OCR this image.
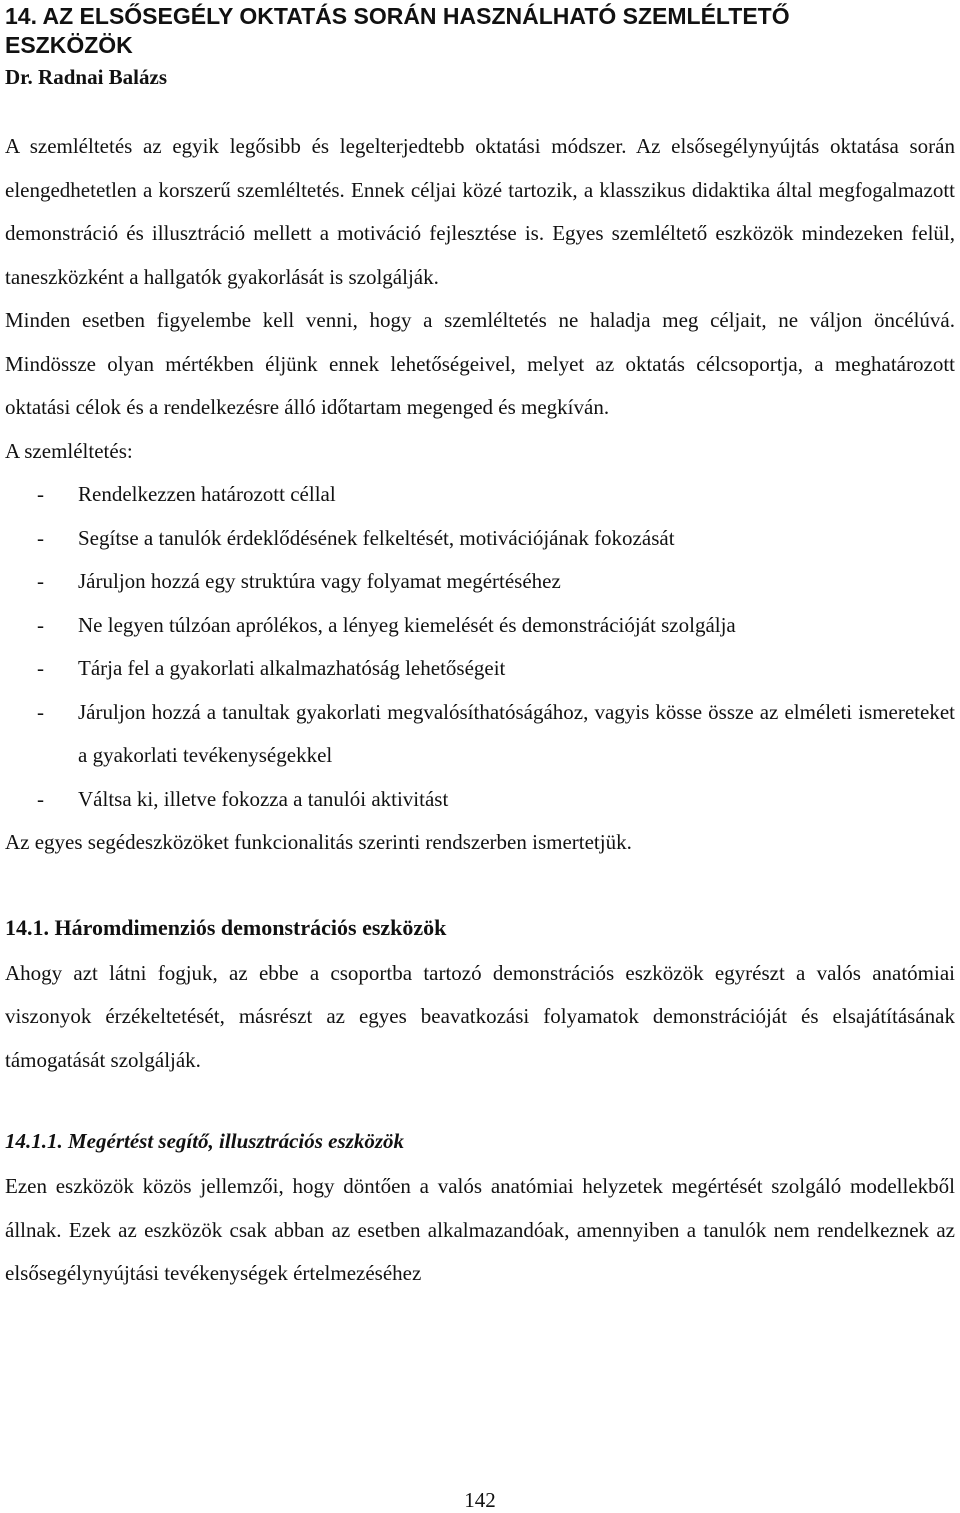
14. AZ ELSŐSEGÉLY OKTATÁS SORÁN HASZNÁLHATÓ SZEMLÉLTETŐ
ESZKÖZÖK
Dr. Radnai Balázs

A szemléltetés az egyik legősibb és legelterjedtebb oktatási módszer. Az elsősegélynyújtás oktatása során elengedhetetlen a korszerű szemléltetés. Ennek céljai közé tartozik, a klasszikus didaktika által megfogalmazott demonstráció és illusztráció mellett a motiváció fejlesztése is. Egyes szemléltető eszközök mindezeken felül, taneszközként a hallgatók gyakorlását is szolgálják.

Minden esetben figyelembe kell venni, hogy a szemléltetés ne haladja meg céljait, ne váljon öncélúvá. Mindössze olyan mértékben éljünk ennek lehetőségeivel, melyet az oktatás célcsoportja, a meghatározott oktatási célok és a rendelkezésre álló időtartam megenged és megkíván.

A szemléltetés:

- Rendelkezzen határozott céllal
- Segítse a tanulók érdeklődésének felkeltését, motivációjának fokozását
- Járuljon hozzá egy struktúra vagy folyamat megértéséhez
- Ne legyen túlzóan aprólékos, a lényeg kiemelését és demonstrációját szolgálja
- Tárja fel a gyakorlati alkalmazhatóság lehetőségeit
- Járuljon hozzá a tanultak gyakorlati megvalósíthatóságához, vagyis kösse össze az elméleti ismereteket a gyakorlati tevékenységekkel
- Váltsa ki, illetve fokozza a tanulói aktivitást

Az egyes segédeszközöket funkcionalitás szerinti rendszerben ismertetjük.

14.1. Háromdimenziós demonstrációs eszközök

Ahogy azt látni fogjuk, az ebbe a csoportba tartozó demonstrációs eszközök egyrészt a valós anatómiai viszonyok érzékeltetését, másrészt az egyes beavatkozási folyamatok demonstrációját és elsajátításának támogatását szolgálják.

14.1.1. Megértést segítő, illusztrációs eszközök

Ezen eszközök közös jellemzői, hogy döntően a valós anatómiai helyzetek megértését szolgáló modellekből állnak. Ezek az eszközök csak abban az esetben alkalmazandóak, amennyiben a tanulók nem rendelkeznek az elsősegélynyújtási tevékenységek értelmezéséhez

142
